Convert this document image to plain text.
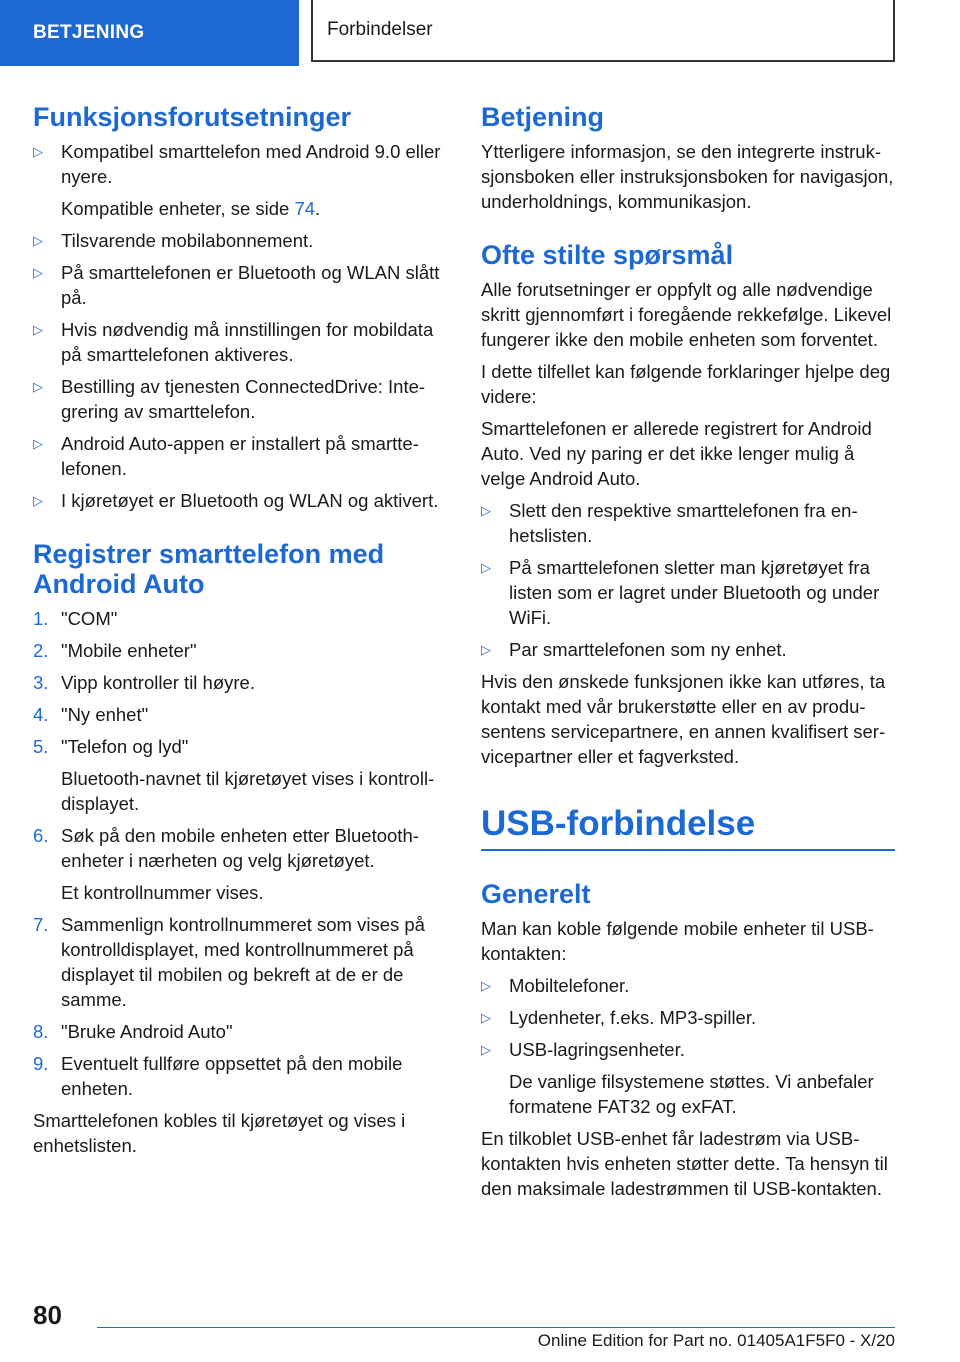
BETJENING	Forbindelser
Funksjonsforutsetninger
▷ Kompatibel smarttelefon med Android 9.0 eller nyere.
Kompatible enheter, se side 74.
▷ Tilsvarende mobilabonnement.
▷ På smarttelefonen er Bluetooth og WLAN slått på.
▷ Hvis nødvendig må innstillingen for mobildata på smarttelefonen aktiveres.
▷ Bestilling av tjenesten ConnectedDrive: Integrering av smarttelefon.
▷ Android Auto-appen er installert på smarttelefonen.
▷ I kjøretøyet er Bluetooth og WLAN og aktivert.
Registrer smarttelefon med Android Auto
1. "COM"
2. "Mobile enheter"
3. Vipp kontroller til høyre.
4. "Ny enhet"
5. "Telefon og lyd"
Bluetooth-navnet til kjøretøyet vises i kontrolldisplayet.
6. Søk på den mobile enheten etter Bluetooth-enheter i nærheten og velg kjøretøyet.
Et kontrollnummer vises.
7. Sammenlign kontrollnummeret som vises på kontrolldisplayet, med kontrollnummeret på displayet til mobilen og bekreft at de er de samme.
8. "Bruke Android Auto"
9. Eventuelt fullføre oppsettet på den mobile enheten.

Smarttelefonen kobles til kjøretøyet og vises i enhetslisten.

Betjening

Ytterligere informasjon, se den integrerte instruksjonsboken eller instruksjonsboken for navigasjon, underholdnings, kommunikasjon.

Ofte stilte spørsmål

Alle forutsetninger er oppfylt og alle nødvendige skritt gjennomført i foregående rekkefølge. Likevel fungerer ikke den mobile enheten som forventet.

I dette tilfellet kan følgende forklaringer hjelpe deg videre:

Smarttelefonen er allerede registrert for Android Auto. Ved ny paring er det ikke lenger mulig å velge Android Auto.

▷ Slett den respektive smarttelefonen fra enhetslisten.
▷ På smarttelefonen sletter man kjøretøyet fra listen som er lagret under Bluetooth og under WiFi.
▷ Par smarttelefonen som ny enhet.

Hvis den ønskede funksjonen ikke kan utføres, ta kontakt med vår brukerstøtte eller en av produsentens servicepartnere, en annen kvalifisert servicepartner eller et fagverksted.

USB-forbindelse
Generelt

Man kan koble følgende mobile enheter til USB-kontakten:

▷ Mobiltelefoner.
▷ Lydenheter, f.eks. MP3-spiller.
▷ USB-lagringsenheter.
De vanlige filsystemene støttes. Vi anbefaler formatene FAT32 og exFAT.

En tilkoblet USB-enhet får ladestrøm via USB-kontakten hvis enheten støtter dette. Ta hensyn til den maksimale ladestrømmen til USB-kontakten.

80
Online Edition for Part no. 01405A1F5F0 - X/20
